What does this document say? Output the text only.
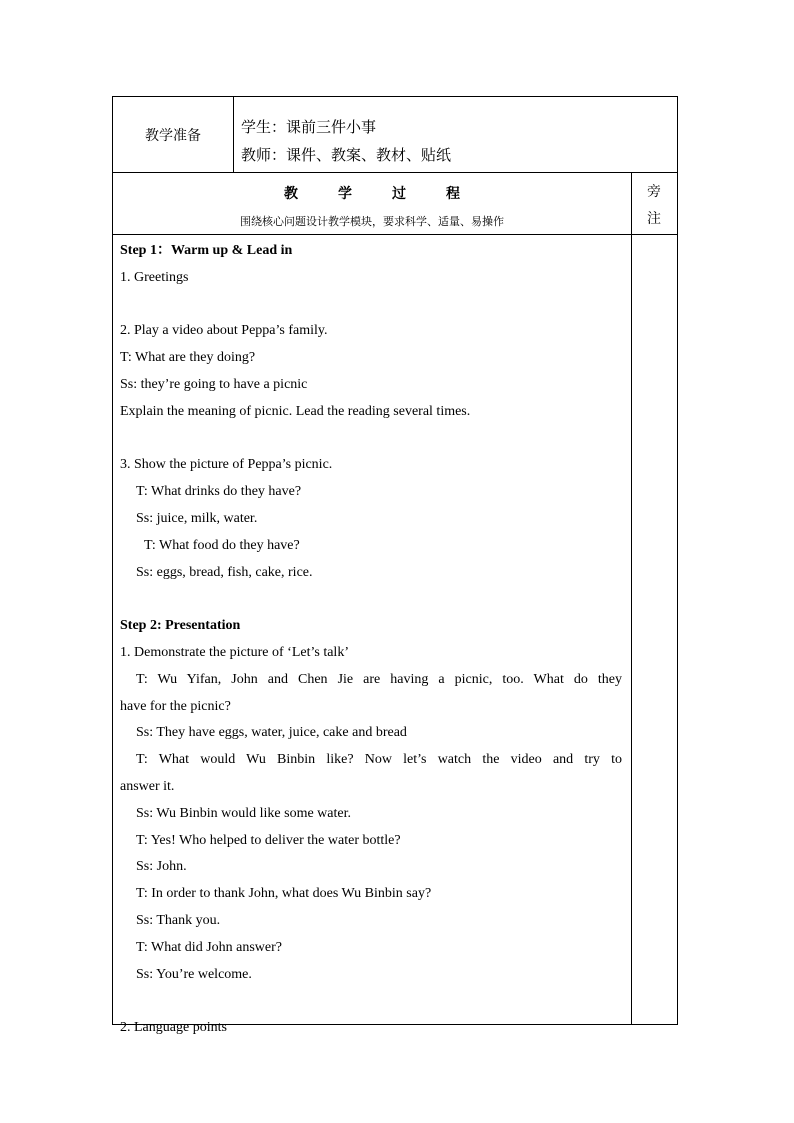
教学准备	学生：课前三件小事
教师：课件、教案、教材、贴纸
教学过程
围绕核心问题设计教学模块，要求科学、适量、易操作
旁
注
Step 1：Warm up & Lead in
1. Greetings
2. Play a video about Peppa’s family.
T: What are they doing?
Ss: they’re going to have a picnic
Explain the meaning of picnic. Lead the reading several times.
3. Show the picture of Peppa’s picnic.
T: What drinks do they have?
Ss: juice, milk, water.
T: What food do they have?
Ss: eggs, bread, fish, cake, rice.
Step 2: Presentation
1. Demonstrate the picture of ‘Let’s talk’
T: Wu Yifan, John and Chen Jie are having a picnic, too. What do they
have for the picnic?
Ss: They have eggs, water, juice, cake and bread
T: What would Wu Binbin like? Now let’s watch the video and try to
answer it.
Ss: Wu Binbin would like some water.
T: Yes! Who helped to deliver the water bottle?
Ss: John.
T: In order to thank John, what does Wu Binbin say?
Ss: Thank you.
T: What did John answer?
Ss: You’re welcome.
2. Language points
